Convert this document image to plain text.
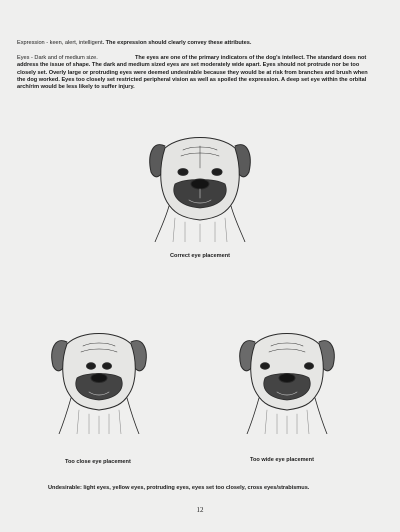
Expression - keen, alert, intelligent. The expression should clearly convey these attributes.

Eyes - Dark and of medium size.	The eyes are one of the primary indicators of the dog's intellect. The standard does not address the issue of shape. The dark and medium sized eyes are set moderately wide apart. Eyes should not protrude nor be too closely set. Overly large or protruding eyes were deemed undesirable because they would be at risk from branches and brush when the dog worked. Eyes too closely set restricted peripheral vision as well as spoiled the expression. A deep set eye within the orbital arch/rim would be less likely to suffer injury.

Correct eye placement

Too close eye placement	Too wide eye placement

Undesirable: light eyes, yellow eyes, protruding eyes, eyes set too closely, cross eyes/strabismus.

12
